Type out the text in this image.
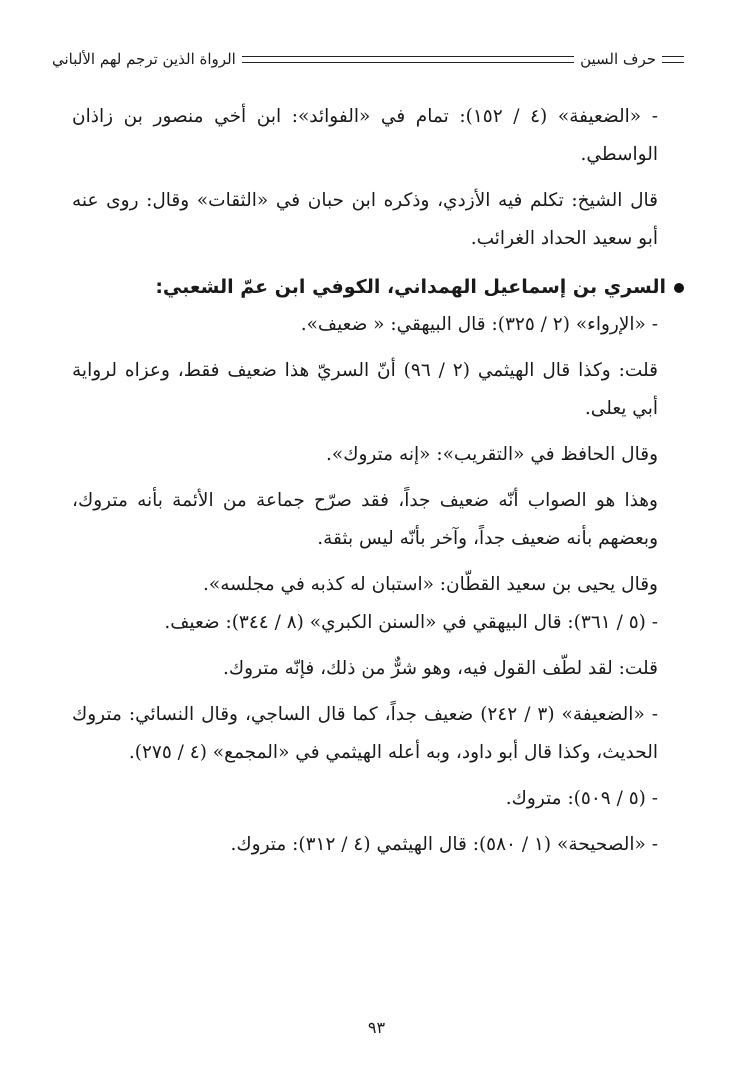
حرف السين
الرواة الذين ترجم لهم الألباني

- «الضعيفة» (٤ / ١٥٢): تمام في «الفوائد»: ابن أخي منصور بن زاذان الواسطي.

قال الشيخ: تكلم فيه الأزدي، وذكره ابن حبان في «الثقات» وقال: روى عنه أبو سعيد الحداد الغرائب.

السري بن إسماعيل الهمداني، الكوفي ابن عمّ الشعبي:

- «الإرواء» (٢ / ٣٢٥): قال البيهقي: « ضعيف».

قلت: وكذا قال الهيثمي (٢ / ٩٦) أنّ السريّ هذا ضعيف فقط، وعزاه لرواية أبي يعلى.

وقال الحافظ في «التقريب»: «إنه متروك».

وهذا هو الصواب أنّه ضعيف جداً، فقد صرّح جماعة من الأئمة بأنه متروك، وبعضهم بأنه ضعيف جداً، وآخر بأنّه ليس بثقة.

وقال يحيى بن سعيد القطّان: «استبان له كذبه في مجلسه».

- (٥ / ٣٦١): قال البيهقي في «السنن الكبري» (٨ / ٣٤٤): ضعيف.

قلت: لقد لطّف القول فيه، وهو شرٌّ من ذلك، فإنّه متروك.

- «الضعيفة» (٣ / ٢٤٢) ضعيف جداً، كما قال الساجي، وقال النسائي: متروك الحديث، وكذا قال أبو داود، وبه أعله الهيثمي في «المجمع» (٤ / ٢٧٥).

- (٥ / ٥٠٩): متروك.

- «الصحيحة» (١ / ٥٨٠): قال الهيثمي (٤ / ٣١٢): متروك.

٩٣
